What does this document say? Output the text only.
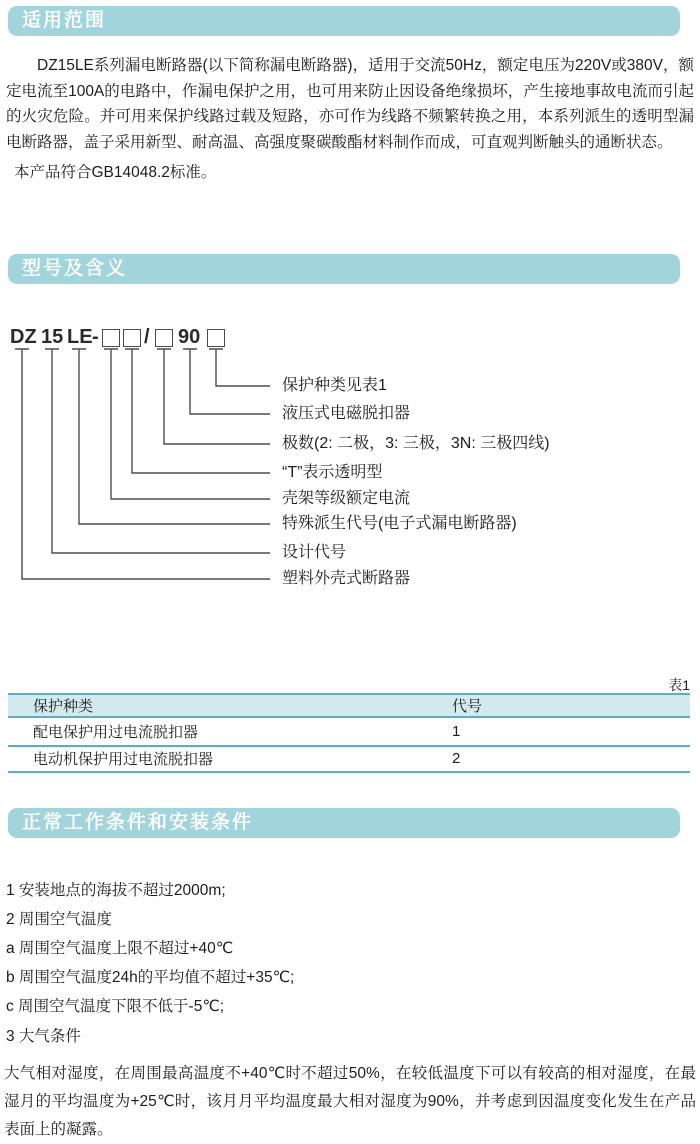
适用范围
DZ15LE系列漏电断路器(以下简称漏电断路器)，适用于交流50Hz，额定电压为220V或380V，额定电流至100A的电路中，作漏电保护之用，也可用来防止因设备绝缘损坏，产生接地事故电流而引起的火灾危险。并可用来保护线路过载及短路，亦可作为线路不频繁转换之用，本系列派生的透明型漏电断路器，盖子采用新型、耐高温、高强度聚碳酸酯材料制作而成，可直观判断触头的通断状态。
本产品符合GB14048.2标准。
型号及含义
DZ 15 LE - / 90
保护种类见表1
液压式电磁脱扣器
极数(2: 二极，3: 三极，3N: 三极四线)
“T”表示透明型
壳架等级额定电流
特殊派生代号(电子式漏电断路器)
设计代号
塑料外壳式断路器
表1
保护种类	代号
配电保护用过电流脱扣器	1
电动机保护用过电流脱扣器	2
正常工作条件和安装条件
1 安装地点的海拔不超过2000m;
2 周围空气温度
a 周围空气温度上限不超过+40℃
b 周围空气温度24h的平均值不超过+35℃;
c 周围空气温度下限不低于-5℃;
3 大气条件
大气相对湿度，在周围最高温度不+40℃时不超过50%，在较低温度下可以有较高的相对湿度，在最湿月的平均温度为+25℃时，该月月平均温度最大相对湿度为90%，并考虑到因温度变化发生在产品表面上的凝露。
